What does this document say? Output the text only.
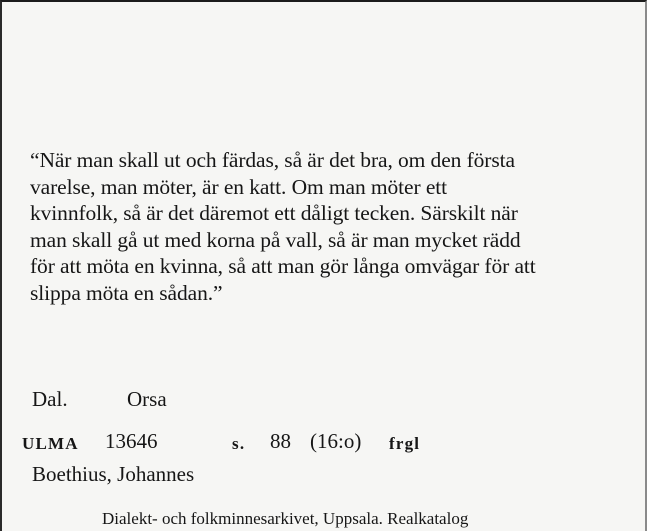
“När man skall ut och färdas, så är det bra, om den första
varelse, man möter, är en katt. Om man möter ett
kvinnfolk, så är det däremot ett dåligt tecken. Särskilt när
man skall gå ut med korna på vall, så är man mycket rädd
för att möta en kvinna, så att man gör långa omvägar för att
slippa möta en sådan.”
Dal.	Orsa
ULMA 13646	s. 88 (16:o) frgl
Boethius, Johannes
Dialekt- och folkminnesarkivet, Uppsala. Realkatalog
